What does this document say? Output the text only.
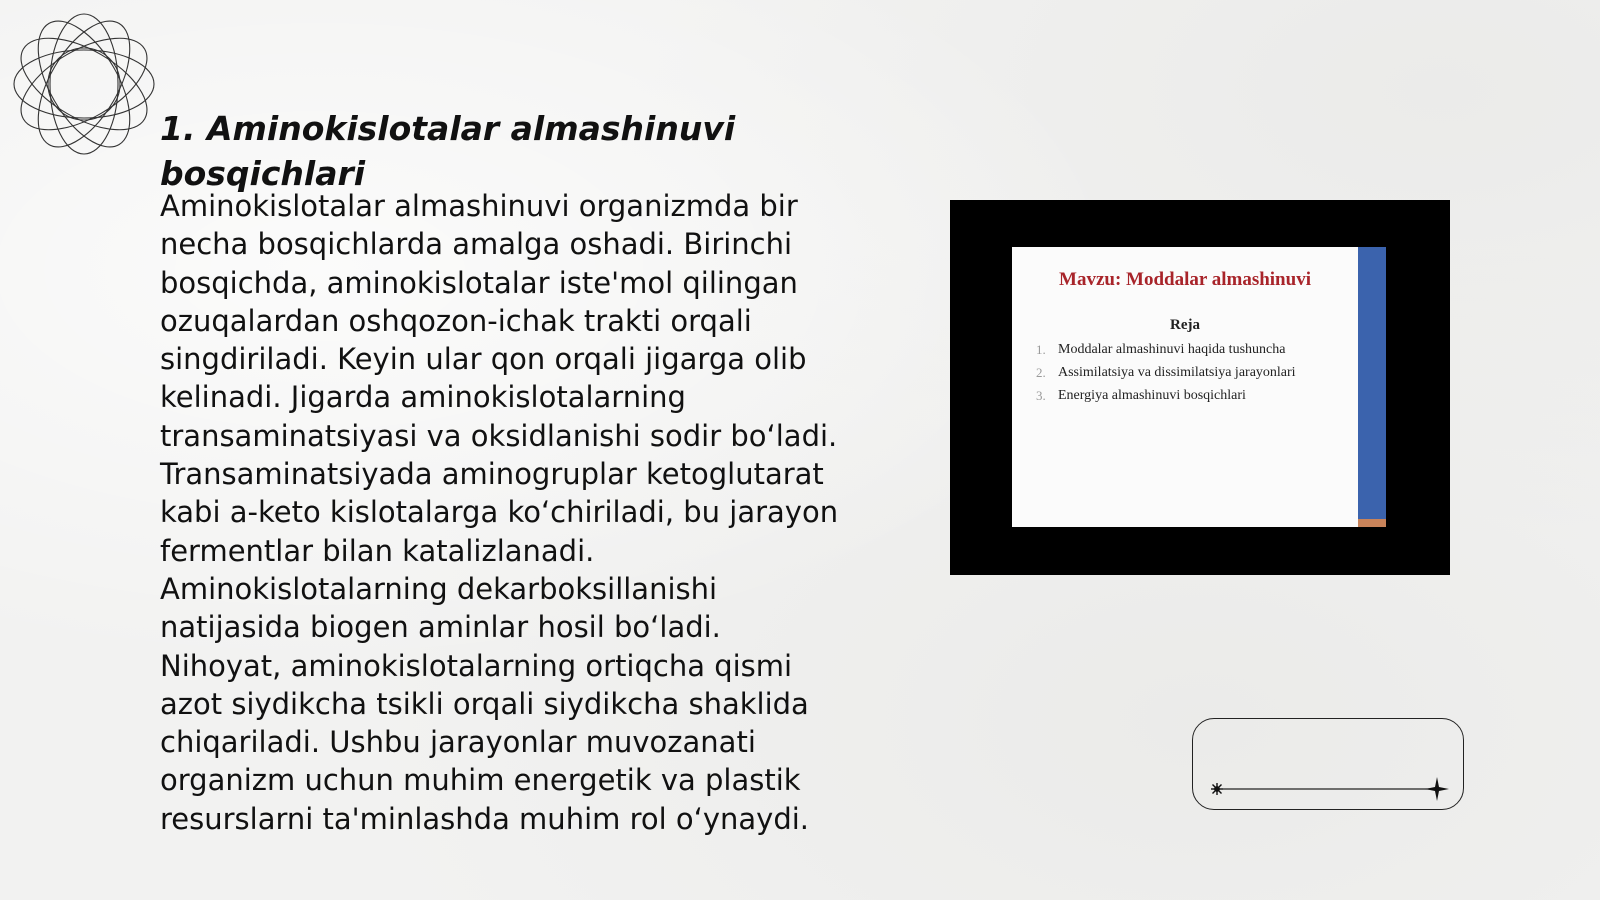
1. Aminokislotalar almashinuvi bosqichlari

Aminokislotalar almashinuvi organizmda bir necha bosqichlarda amalga oshadi. Birinchi bosqichda, aminokislotalar iste'mol qilingan ozuqalardan oshqozon-ichak trakti orqali singdiriladi. Keyin ular qon orqali jigarga olib kelinadi. Jigarda aminokislotalarning transaminatsiyasi va oksidlanishi sodir bo‘ladi. Transaminatsiyada aminogruplar ketoglutarat kabi a-keto kislotalarga ko‘chiriladi, bu jarayon fermentlar bilan katalizlanadi. Aminokislotalarning dekarboksillanishi natijasida biogen aminlar hosil bo‘ladi. Nihoyat, aminokislotalarning ortiqcha qismi azot siydikcha tsikli orqali siydikcha shaklida chiqariladi. Ushbu jarayonlar muvozanati organizm uchun muhim energetik va plastik resurslarni ta'minlashda muhim rol o‘ynaydi.

Mavzu: Moddalar almashinuvi
Reja
1. Moddalar almashinuvi haqida tushuncha
2. Assimilatsiya va dissimilatsiya jarayonlari
3. Energiya almashinuvi bosqichlari
